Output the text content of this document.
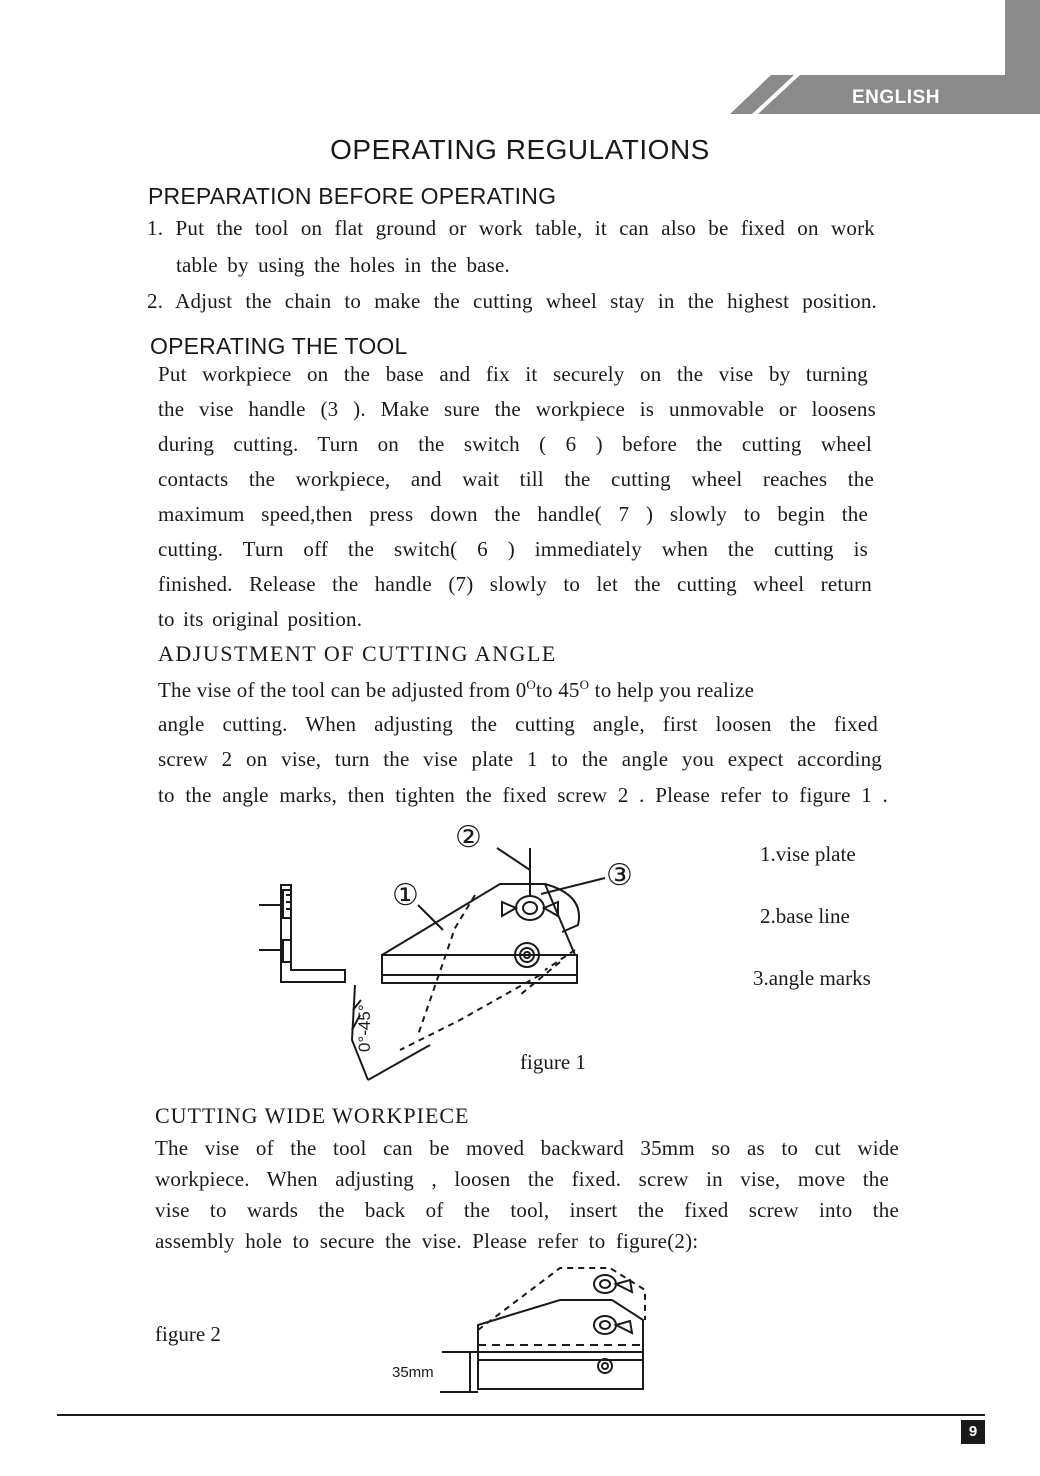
ENGLISH
OPERATING REGULATIONS
PREPARATION BEFORE OPERATING
1. Put the tool on flat ground or work table, it can also be fixed on work
table by using the holes in the base.
2. Adjust the chain to make the cutting wheel stay in the highest position.
OPERATING THE TOOL
Put workpiece on the base and fix it securely on the vise by turning
the vise handle (3 ). Make sure the workpiece is unmovable or loosens
during cutting. Turn on the switch ( 6 ) before the cutting wheel
contacts the workpiece, and wait till the cutting wheel reaches the
maximum speed,then press down the handle( 7 ) slowly to begin the
cutting. Turn off the switch( 6 ) immediately when the cutting is
finished. Release the handle (7) slowly to let the cutting wheel return
to its original position.
ADJUSTMENT OF CUTTING ANGLE
The vise of the tool can be adjusted from $0^Oto$ $45^O$ to help you realize
angle cutting. When adjusting the cutting angle, first loosen the fixed
screw 2 on vise, turn the vise plate 1 to the angle you expect according
to the angle marks, then tighten the fixed screw 2 . Please refer to figure 1 .
②
③
①
0°-45°
figure 1
1.vise plate
2.base line
3.angle marks
CUTTING WIDE WORKPIECE
The vise of the tool can be moved backward 35mm so as to cut wide
workpiece. When adjusting , loosen the fixed. screw in vise, move the
vise to wards the back of the tool, insert the fixed screw into the
assembly hole to secure the vise. Please refer to figure(2):
figure 2
35mm
9
